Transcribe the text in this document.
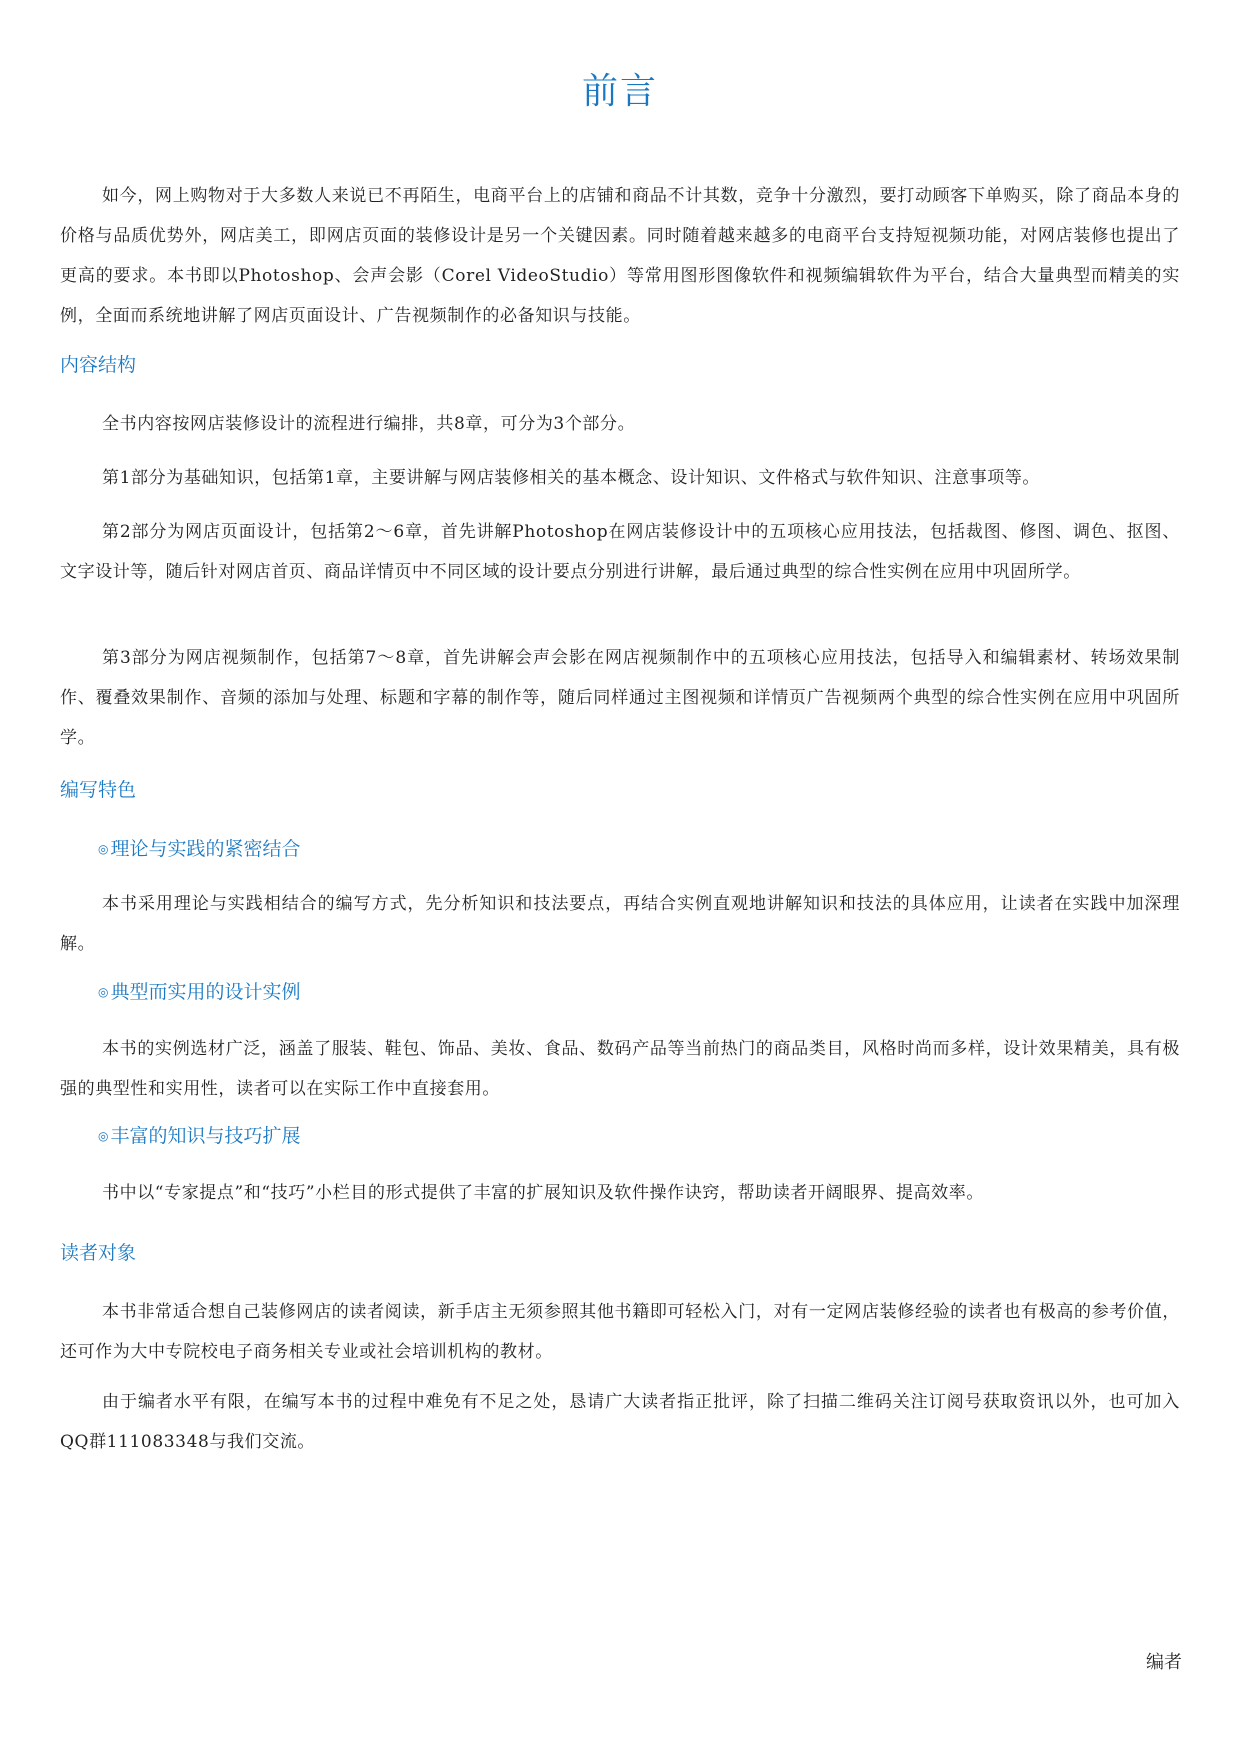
前言

如今，网上购物对于大多数人来说已不再陌生，电商平台上的店铺和商品不计其数，竞争十分激烈，要打动顾客下单购买，除了商品本身的价格与品质优势外，网店美工，即网店页面的装修设计是另一个关键因素。同时随着越来越多的电商平台支持短视频功能，对网店装修也提出了更高的要求。本书即以Photoshop、会声会影（Corel VideoStudio）等常用图形图像软件和视频编辑软件为平台，结合大量典型而精美的实例，全面而系统地讲解了网店页面设计、广告视频制作的必备知识与技能。

内容结构

全书内容按网店装修设计的流程进行编排，共8章，可分为3个部分。

第1部分为基础知识，包括第1章，主要讲解与网店装修相关的基本概念、设计知识、文件格式与软件知识、注意事项等。

第2部分为网店页面设计，包括第2～6章，首先讲解Photoshop在网店装修设计中的五项核心应用技法，包括裁图、修图、调色、抠图、文字设计等，随后针对网店首页、商品详情页中不同区域的设计要点分别进行讲解，最后通过典型的综合性实例在应用中巩固所学。

第3部分为网店视频制作，包括第7～8章，首先讲解会声会影在网店视频制作中的五项核心应用技法，包括导入和编辑素材、转场效果制作、覆叠效果制作、音频的添加与处理、标题和字幕的制作等，随后同样通过主图视频和详情页广告视频两个典型的综合性实例在应用中巩固所学。

编写特色
◎ 理论与实践的紧密结合

本书采用理论与实践相结合的编写方式，先分析知识和技法要点，再结合实例直观地讲解知识和技法的具体应用，让读者在实践中加深理解。

◎ 典型而实用的设计实例

本书的实例选材广泛，涵盖了服装、鞋包、饰品、美妆、食品、数码产品等当前热门的商品类目，风格时尚而多样，设计效果精美，具有极强的典型性和实用性，读者可以在实际工作中直接套用。

◎ 丰富的知识与技巧扩展

书中以“专家提点”和“技巧”小栏目的形式提供了丰富的扩展知识及软件操作诀窍，帮助读者开阔眼界、提高效率。

读者对象

本书非常适合想自己装修网店的读者阅读，新手店主无须参照其他书籍即可轻松入门，对有一定网店装修经验的读者也有极高的参考价值，还可作为大中专院校电子商务相关专业或社会培训机构的教材。

由于编者水平有限，在编写本书的过程中难免有不足之处，恳请广大读者指正批评，除了扫描二维码关注订阅号获取资讯以外，也可加入QQ群111083348与我们交流。

编者
